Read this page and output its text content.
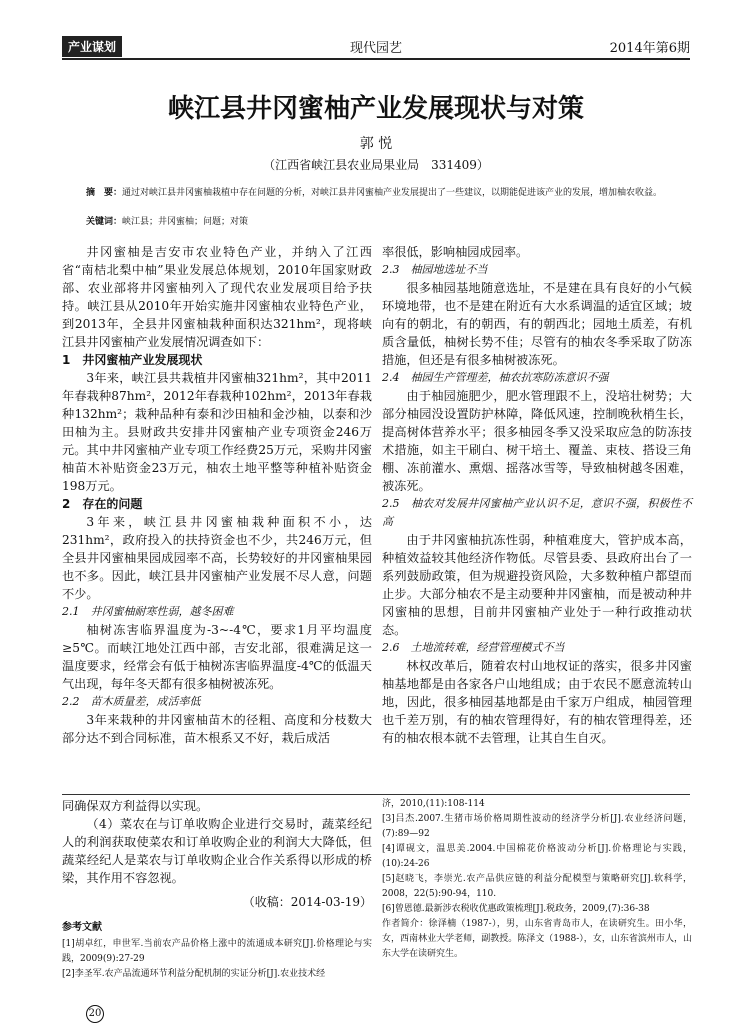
产业谋划	现代园艺	2014年第6期
峡江县井冈蜜柚产业发展现状与对策
郭 悦
（江西省峡江县农业局果业局　331409）
摘　要：通过对峡江县井冈蜜柚栽植中存在问题的分析，对峡江县井冈蜜柚产业发展提出了一些建议，以期能促进该产业的发展，增加柚农收益。
关键词：峡江县；井冈蜜柚；问题；对策

井冈蜜柚是吉安市农业特色产业，并纳入了江西省“南桔北梨中柚”果业发展总体规划，2010年国家财政部、农业部将井冈蜜柚列入了现代农业发展项目给予扶持。峡江县从2010年开始实施井冈蜜柚农业特色产业，到2013年，全县井冈蜜柚栽种面积达321hm²，现将峡江县井冈蜜柚产业发展情况调查如下：

1　井冈蜜柚产业发展现状

3年来，峡江县共栽植井冈蜜柚321hm²，其中2011年春栽种87hm²，2012年春栽种102hm²，2013年春栽种132hm²；栽种品种有泰和沙田柚和金沙柚，以泰和沙田柚为主。县财政共安排井冈蜜柚产业专项资金246万元。其中井冈蜜柚产业专项工作经费25万元，采购井冈蜜柚苗木补贴资金23万元，柚农土地平整等种植补贴资金198万元。

2　存在的问题

3年来，峡江县井冈蜜柚栽种面积不小，达231hm²，政府投入的扶持资金也不少，共246万元，但全县井冈蜜柚果园成园率不高，长势较好的井冈蜜柚果园也不多。因此，峡江县井冈蜜柚产业发展不尽人意，问题不少。

2.1　井冈蜜柚耐寒性弱，越冬困难

柚树冻害临界温度为-3~-4℃，要求1月平均温度≥5℃。而峡江地处江西中部，吉安北部，很难满足这一温度要求，经常会有低于柚树冻害临界温度-4℃的低温天气出现，每年冬天都有很多柚树被冻死。

2.2　苗木质量差，成活率低

3年来栽种的井冈蜜柚苗木的径粗、高度和分枝数大部分达不到合同标准，苗木根系又不好，栽后成活

率很低，影响柚园成园率。

2.3　柚园地选址不当

很多柚园基地随意选址，不是建在具有良好的小气候环境地带，也不是建在附近有大水系调温的适宜区域；坡向有的朝北，有的朝西，有的朝西北；园地土质差，有机质含量低，柚树长势不佳；尽管有的柚农冬季采取了防冻措施，但还是有很多柚树被冻死。

2.4　柚园生产管理差，柚农抗寒防冻意识不强

由于柚园施肥少，肥水管理跟不上，没培壮树势；大部分柚园没设置防护林障，降低风速，控制晚秋梢生长，提高树体营养水平；很多柚园冬季又没采取应急的防冻技术措施，如主干刷白、树干培土、覆盖、束枝、搭设三角棚、冻前灌水、熏烟、摇落冰雪等，导致柚树越冬困难，被冻死。

2.5　柚农对发展井冈蜜柚产业认识不足，意识不强，积极性不高

由于井冈蜜柚抗冻性弱，种植难度大，管护成本高，种植效益较其他经济作物低。尽管县委、县政府出台了一系列鼓励政策，但为规避投资风险，大多数种植户都望而止步。大部分柚农不是主动要种井冈蜜柚，而是被动种井冈蜜柚的思想，目前井冈蜜柚产业处于一种行政推动状态。

2.6　土地流转难，经营管理模式不当

林权改革后，随着农村山地权证的落实，很多井冈蜜柚基地都是由各家各户山地组成；由于农民不愿意流转山地，因此，很多柚园基地都是由千家万户组成，柚园管理也千差万别，有的柚农管理得好，有的柚农管理得差，还有的柚农根本就不去管理，让其自生自灭。

同确保双方利益得以实现。

（4）菜农在与订单收购企业进行交易时，蔬菜经纪人的利润获取使菜农和订单收购企业的利润大大降低，但蔬菜经纪人是菜农与订单收购企业合作关系得以形成的桥梁，其作用不容忽视。

（收稿：2014-03-19）
参考文献

[1]胡卓红，申世军.当前农产品价格上涨中的流通成本研究[J].价格理论与实践，2009(9):27-29

[2]李圣军.农产品流通环节利益分配机制的实证分析[J].农业技术经

济，2010,(11):108-114

[3]吕杰.2007.生猪市场价格周期性波动的经济学分析[J].农业经济问题，(7):89—92

[4]谭砚文，温思美.2004.中国棉花价格波动分析[J].价格理论与实践，(10):24-26

[5]赵晓飞，李崇光.农产品供应链的利益分配模型与策略研究[J].软科学，2008，22(5):90-94，110.

[6]曾恩德.最新涉农税收优惠政策梳理[J].税政务，2009,(7):36-38

作者简介：徐泽楠（1987-），男，山东省青岛市人，在读研究生。田小华，女，西南林业大学老师，副教授。陈泽文（1988-），女，山东省滨州市人，山东大学在读研究生。

20
